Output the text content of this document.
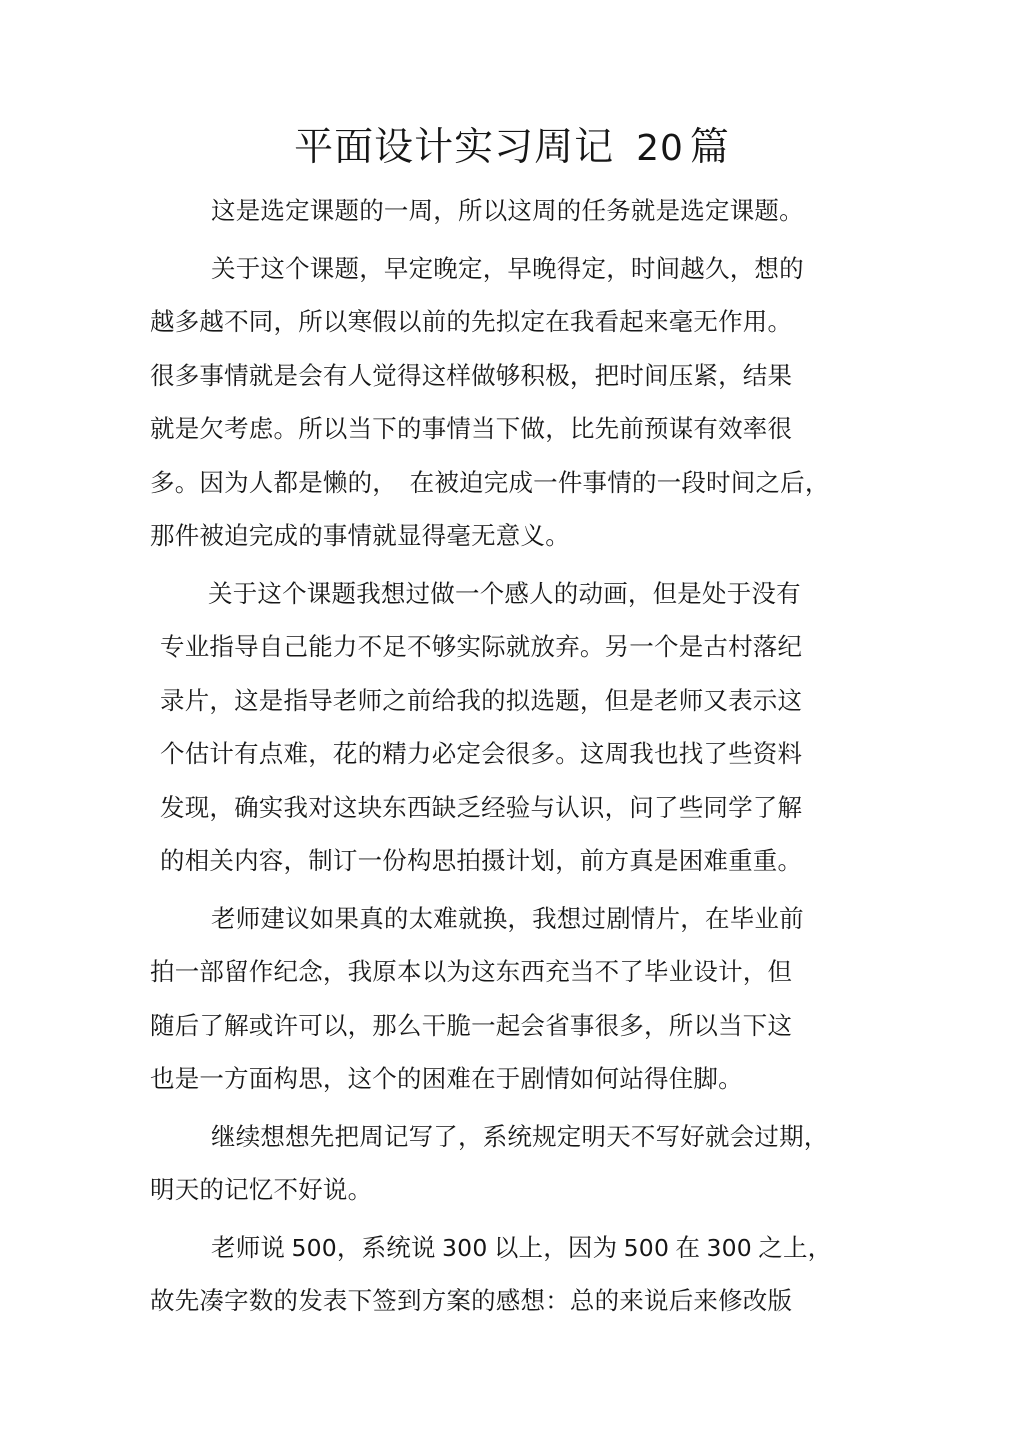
平面设计实习周记 20 篇
这是选定课题的一周，所以这周的任务就是选定课题。
关于这个课题，早定晚定，早晚得定，时间越久，想的
越多越不同，所以寒假以前的先拟定在我看起来毫无作用。
很多事情就是会有人觉得这样做够积极，把时间压紧，结果
就是欠考虑。所以当下的事情当下做，比先前预谋有效率很
多。因为人都是懒的，  在被迫完成一件事情的一段时间之后，
那件被迫完成的事情就显得毫无意义。
关于这个课题我想过做一个感人的动画，但是处于没有
专业指导自己能力不足不够实际就放弃。另一个是古村落纪
录片，这是指导老师之前给我的拟选题，但是老师又表示这
个估计有点难，花的精力必定会很多。这周我也找了些资料
发现，确实我对这块东西缺乏经验与认识，问了些同学了解
的相关内容，制订一份构思拍摄计划，前方真是困难重重。
老师建议如果真的太难就换，我想过剧情片，在毕业前
拍一部留作纪念，我原本以为这东西充当不了毕业设计，但
随后了解或许可以，那么干脆一起会省事很多，所以当下这
也是一方面构思，这个的困难在于剧情如何站得住脚。
继续想想先把周记写了，系统规定明天不写好就会过期，
明天的记忆不好说。
老师说 500，系统说 300 以上，因为 500 在 300 之上，
故先凑字数的发表下签到方案的感想：总的来说后来修改版
